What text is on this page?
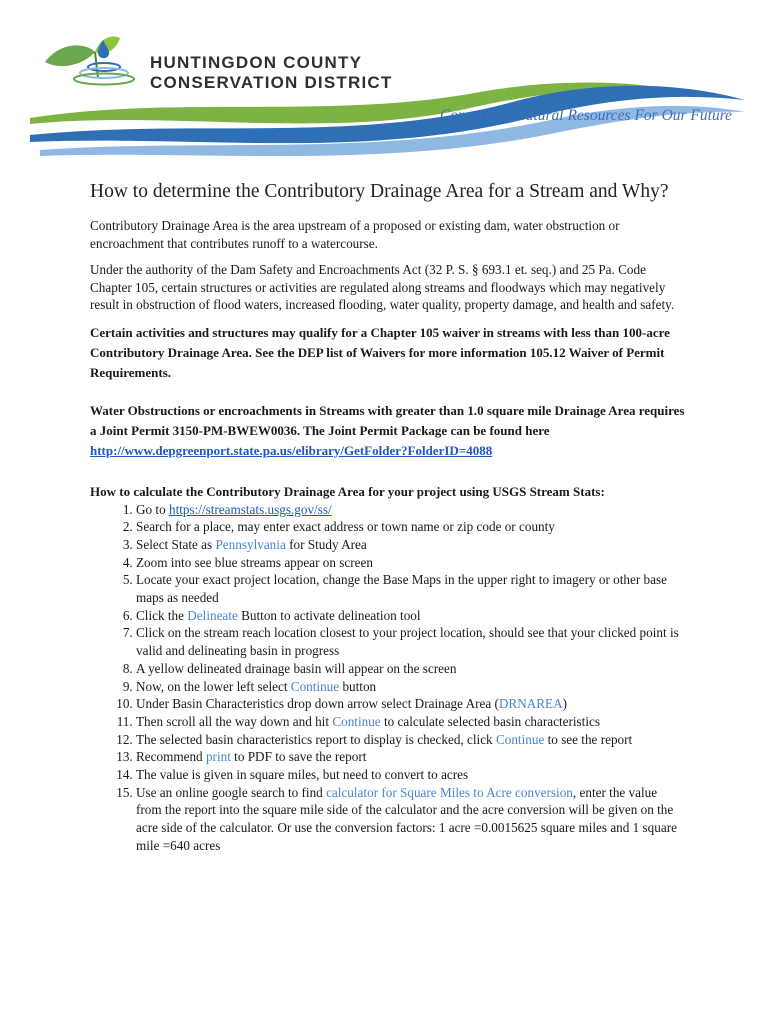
HUNTINGDON COUNTY
CONSERVATION DISTRICT
Conserving Natural Resources For Our Future
How to determine the Contributory Drainage Area for a Stream and Why?

Contributory Drainage Area is the area upstream of a proposed or existing dam, water obstruction or encroachment that contributes runoff to a watercourse.

Under the authority of the Dam Safety and Encroachments Act (32 P. S. § 693.1 et. seq.) and 25 Pa. Code Chapter 105, certain structures or activities are regulated along streams and floodways which may negatively result in obstruction of flood waters, increased flooding, water quality, property damage, and health and safety.

Certain activities and structures may qualify for a Chapter 105 waiver in streams with less than 100-acre Contributory Drainage Area. See the DEP list of Waivers for more information 105.12 Waiver of Permit Requirements.

Water Obstructions or encroachments in Streams with greater than 1.0 square mile Drainage Area requires a Joint Permit 3150-PM-BWEW0036. The Joint Permit Package can be found here http://www.depgreenport.state.pa.us/elibrary/GetFolder?FolderID=4088

How to calculate the Contributory Drainage Area for your project using USGS Stream Stats:

1. Go to https://streamstats.usgs.gov/ss/
2. Search for a place, may enter exact address or town name or zip code or county
3. Select State as Pennsylvania for Study Area
4. Zoom into see blue streams appear on screen
5. Locate your exact project location, change the Base Maps in the upper right to imagery or other base maps as needed
6. Click the Delineate Button to activate delineation tool
7. Click on the stream reach location closest to your project location, should see that your clicked point is valid and delineating basin in progress
8. A yellow delineated drainage basin will appear on the screen
9. Now, on the lower left select Continue button
10. Under Basin Characteristics drop down arrow select Drainage Area (DRNAREA)
11. Then scroll all the way down and hit Continue to calculate selected basin characteristics
12. The selected basin characteristics report to display is checked, click Continue to see the report
13. Recommend print to PDF to save the report
14. The value is given in square miles, but need to convert to acres
15. Use an online google search to find calculator for Square Miles to Acre conversion, enter the value from the report into the square mile side of the calculator and the acre conversion will be given on the acre side of the calculator. Or use the conversion factors: 1 acre =0.0015625 square miles and 1 square mile =640 acres
